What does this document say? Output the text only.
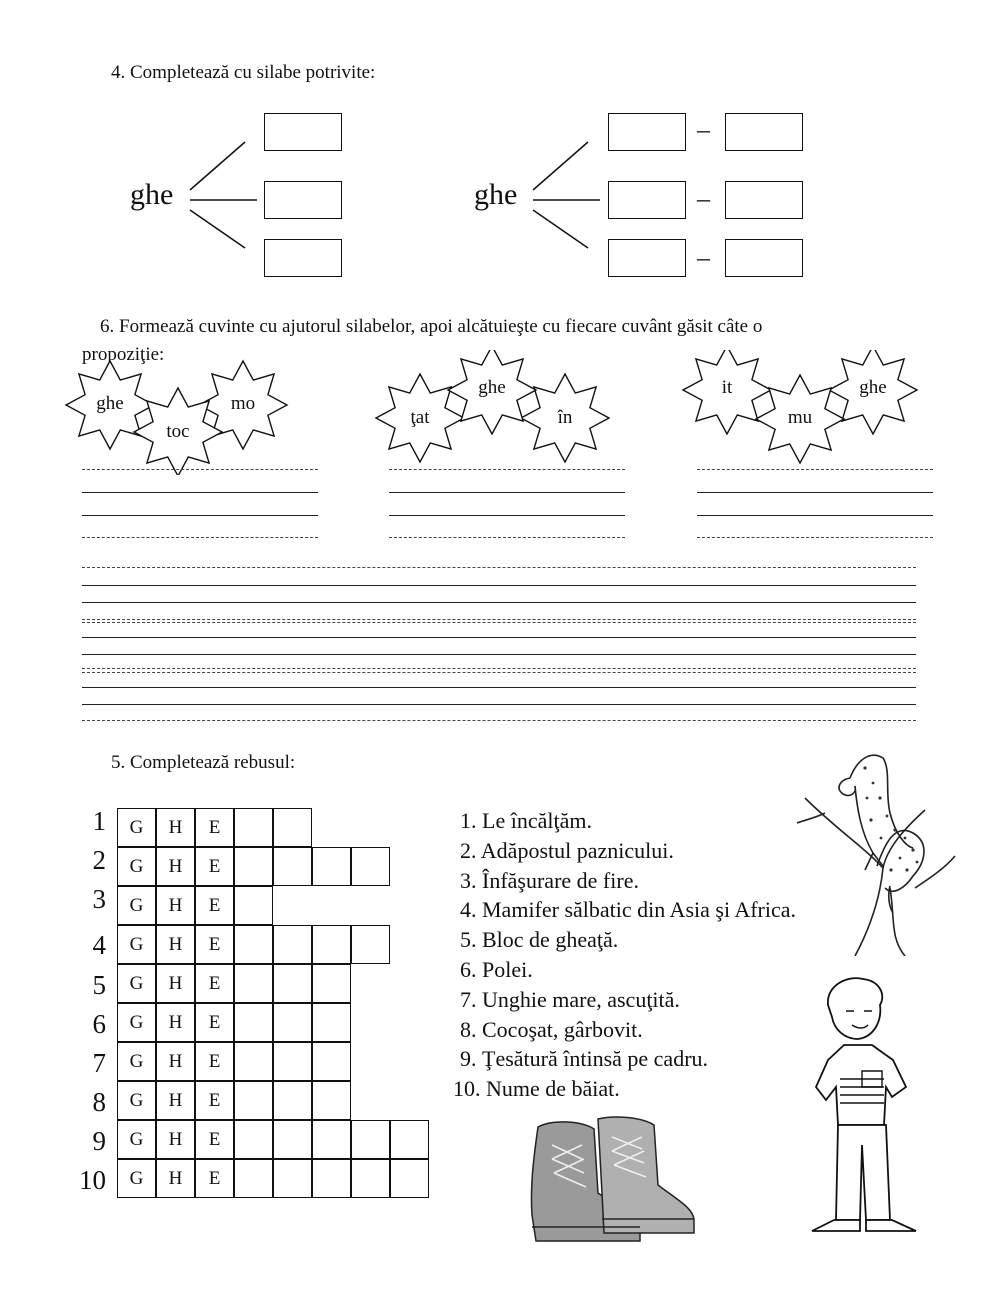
4. Completează cu silabe potrivite:
ghe	ghe
–
–
–
6. Formează cuvinte cu ajutorul silabelor, apoi alcătuieşte cu fiecare cuvânt găsit câte o
propoziţie:
ghe
toc
mo
ţat
ghe
în
it
mu
ghe
5. Completează rebusul:
1	G	H	E
2	G	H	E
3	G	H	E
4	G	H	E
5	G	H	E
6	G	H	E
7	G	H	E
8	G	H	E
9	G	H	E
10	G	H	E
1. Le încălţăm.
2. Adăpostul paznicului.
3. Înfăşurare de fire.
4. Mamifer sălbatic din Asia şi Africa.
5. Bloc de gheaţă.
6. Polei.
7. Unghie mare, ascuţită.
8. Cocoşat, gârbovit.
9. Ţesătură întinsă pe cadru.
10. Nume de băiat.
